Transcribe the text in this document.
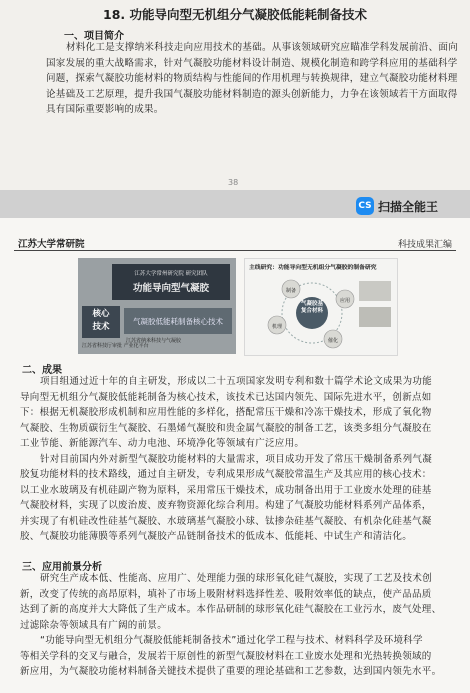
18. 功能导向型无机组分气凝胶低能耗制备技术
一、项目简介
材料化工是支撑纳米科技走向应用技术的基础。从事该领域研究应瞄准学科发展前沿、面向
国家发展的重大战略需求，针对气凝胶功能材料设计制造、规模化制造和跨学科应用的基础科学
问题，探索气凝胶功能材料的物质结构与性能间的作用机理与转换规律，建立气凝胶功能材料理
论基础及工艺原理，提升我国气凝胶功能材料制造的源头创新能力，力争在该领域若干方面取得
具有国际重要影响的成果。
38
CS 扫描全能王
江苏大学常研院	科技成果汇编
江苏大学常州研究院 研究团队
功能导向型气凝胶
核心
技术
气凝胶低能耗制备核心技术
江苏省纳米科技与气凝胶
江苏省科技厅审批 产业化平台
主线研究：功能导向型无机组分气凝胶的制备研究
气凝胶基复合材料
制备
应用
机理
催化
二、成果
项目组通过近十年的自主研发，形成以二十五项国家发明专利和数十篇学术论文成果为功能
导向型无机组分气凝胶低能耗制备为核心技术，该技术已达国内领先、国际先进水平，创新点如
下：根据无机凝胶形成机制和应用性能的多样化，搭配常压干燥和冷冻干燥技术，形成了氧化物
气凝胶、生物质碳衍生气凝胶、石墨烯气凝胶和贵金属气凝胶的制备工艺，该类多组分气凝胶在
工业节能、新能源汽车、动力电池、环境净化等领域有广泛应用。
针对目前国内外对新型气凝胶功能材料的大量需求，项目成功开发了常压干燥制备系列气凝
胶复功能材料的技术路线，通过自主研发，专利成果形成气凝胶常温生产及其应用的核心技术：
以工业水玻璃及有机硅副产物为原料，采用常压干燥技术，成功制备出用于工业废水处理的硅基
气凝胶材料，实现了以废治废、废弃物资源化综合利用。构建了气凝胶功能材料系列产品体系，
并实现了有机硅改性硅基气凝胶、水玻璃基气凝胶小球、钛掺杂硅基气凝胶、有机杂化硅基气凝
胶、气凝胶功能薄膜等系列气凝胶产品链制备技术的低成本、低能耗、中试生产和清洁化。
三、应用前景分析
研究生产成本低、性能高、应用广、处理能力强的球形氧化硅气凝胶，实现了工艺及技术创
新，改变了传统的高昂原料，填补了市场上吸附材料选择性差、吸附效率低的缺点，使产品品质
达到了新的高度并大大降低了生产成本。本作品研制的球形氧化硅气凝胶在工业污水，废气处理、
过滤除杂等领域具有广阔的前景。
“功能导向型无机组分气凝胶低能耗制备技术”通过化学工程与技术、材料科学及环境科学
等相关学科的交叉与融合，发展若干原创性的新型气凝胶材料在工业废水处理和光热转换领域的
新应用，为气凝胶功能材料制备关键技术提供了重要的理论基础和工艺参数，达到国内领先水平。
